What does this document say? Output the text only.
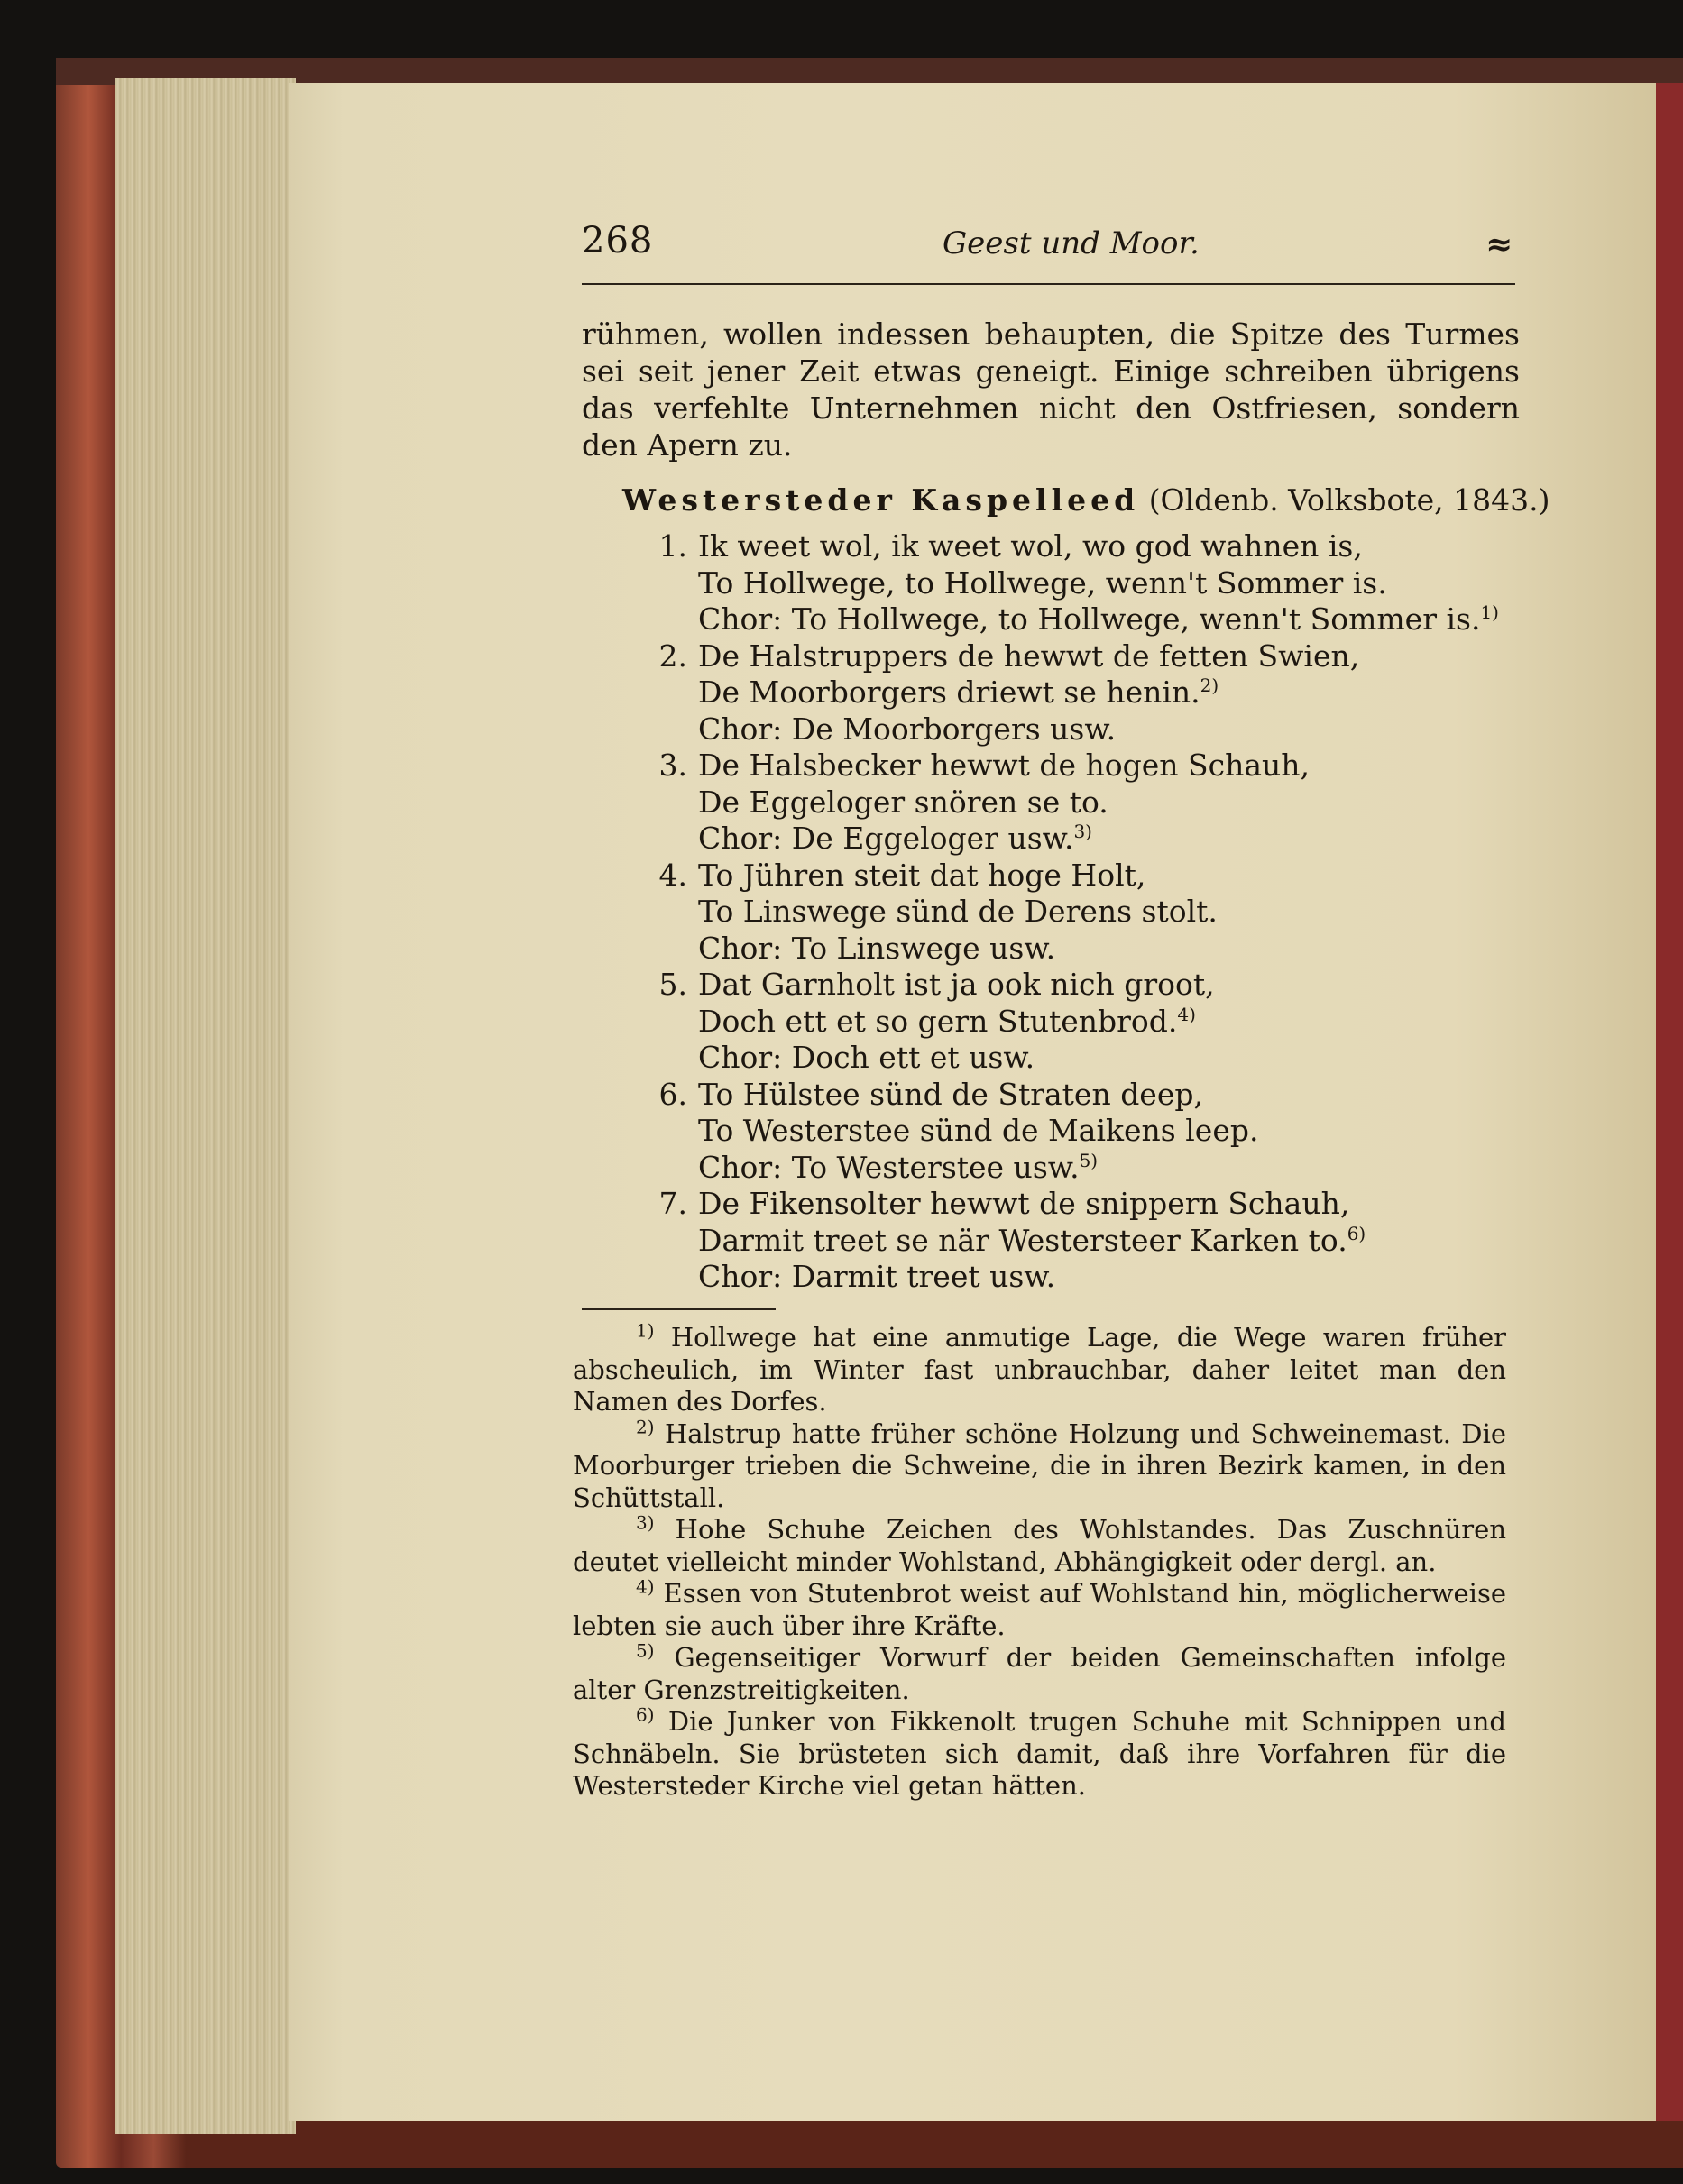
268	Geest und Moor.	≈

rühmen, wollen indessen behaupten, die Spitze des Turmes sei seit jener Zeit etwas geneigt. Einige schreiben übrigens das verfehlte Unternehmen nicht den Ostfriesen, sondern den Apern zu.

Westersteder Kaspelleed (Oldenb. Volksbote, 1843.)
1. Ik weet wol, ik weet wol, wo god wahnen is,
To Hollwege, to Hollwege, wenn't Sommer is.
Chor: To Hollwege, to Hollwege, wenn't Sommer is.$^{1)}$
2. De Halstruppers de hewwt de fetten Swien,
De Moorborgers driewt se henin.$^{2)}$
Chor: De Moorborgers usw.
3. De Halsbecker hewwt de hogen Schauh,
De Eggeloger snören se to.
Chor: De Eggeloger usw.$^{3)}$
4. To Jühren steit dat hoge Holt,
To Linswege sünd de Derens stolt.
Chor: To Linswege usw.
5. Dat Garnholt ist ja ook nich groot,
Doch ett et so gern Stutenbrod.$^{4)}$
Chor: Doch ett et usw.
6. To Hülstee sünd de Straten deep,
To Westerstee sünd de Maikens leep.
Chor: To Westerstee usw.$^{5)}$
7. De Fikensolter hewwt de snippern Schauh,
Darmit treet se när Westersteer Karken to.$^{6)}$
Chor: Darmit treet usw.

$^{1)}$ Hollwege hat eine anmutige Lage, die Wege waren früher abscheulich, im Winter fast unbrauchbar, daher leitet man den Namen des Dorfes.

$^{2)}$ Halstrup hatte früher schöne Holzung und Schweinemast. Die Moorburger trieben die Schweine, die in ihren Bezirk kamen, in den Schüttstall.

$^{3)}$ Hohe Schuhe Zeichen des Wohlstandes. Das Zuschnüren deutet vielleicht minder Wohlstand, Abhängigkeit oder dergl. an.

$^{4)}$ Essen von Stutenbrot weist auf Wohlstand hin, möglicherweise lebten sie auch über ihre Kräfte.

$^{5)}$ Gegenseitiger Vorwurf der beiden Gemeinschaften infolge alter Grenzstreitigkeiten.

$^{6)}$ Die Junker von Fikkenolt trugen Schuhe mit Schnippen und Schnäbeln. Sie brüsteten sich damit, daß ihre Vorfahren für die Westersteder Kirche viel getan hätten.
